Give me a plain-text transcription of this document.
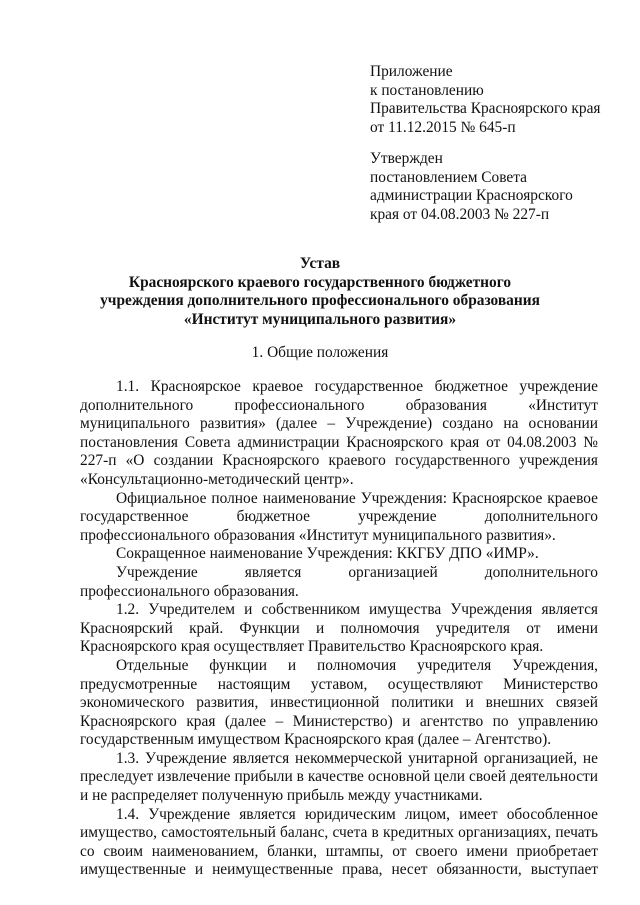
Приложение
к постановлению
Правительства Красноярского края
от 11.12.2015 № 645-п
Утвержден
постановлением Совета
администрации Красноярского
края от 04.08.2003 № 227-п
Устав
Красноярского краевого государственного бюджетного
учреждения дополнительного профессионального образования
«Институт муниципального развития»
1. Общие положения

1.1. Красноярское краевое государственное бюджетное учреждение дополнительного профессионального образования «Институт муниципального развития» (далее – Учреждение) создано на основании постановления Совета администрации Красноярского края от 04.08.2003 № 227-п «О создании Красноярского краевого государственного учреждения «Консультационно-методический центр».

Официальное полное наименование Учреждения: Красноярское краевое государственное бюджетное учреждение дополнительного профессионального образования «Институт муниципального развития».

Сокращенное наименование Учреждения: ККГБУ ДПО «ИМР».

Учреждение является организацией дополнительного профессионального образования.

1.2. Учредителем и собственником имущества Учреждения является Красноярский край. Функции и полномочия учредителя от имени Красноярского края осуществляет Правительство Красноярского края.

Отдельные функции и полномочия учредителя Учреждения, предусмотренные настоящим уставом, осуществляют Министерство экономического развития, инвестиционной политики и внешних связей Красноярского края (далее – Министерство) и агентство по управлению государственным имуществом Красноярского края (далее – Агентство).

1.3. Учреждение является некоммерческой унитарной организацией, не преследует извлечение прибыли в качестве основной цели своей деятельности и не распределяет полученную прибыль между участниками.

1.4. Учреждение является юридическим лицом, имеет обособленное имущество, самостоятельный баланс, счета в кредитных организациях, печать со своим наименованием, бланки, штампы, от своего имени приобретает имущественные и неимущественные права, несет обязанности, выступает
